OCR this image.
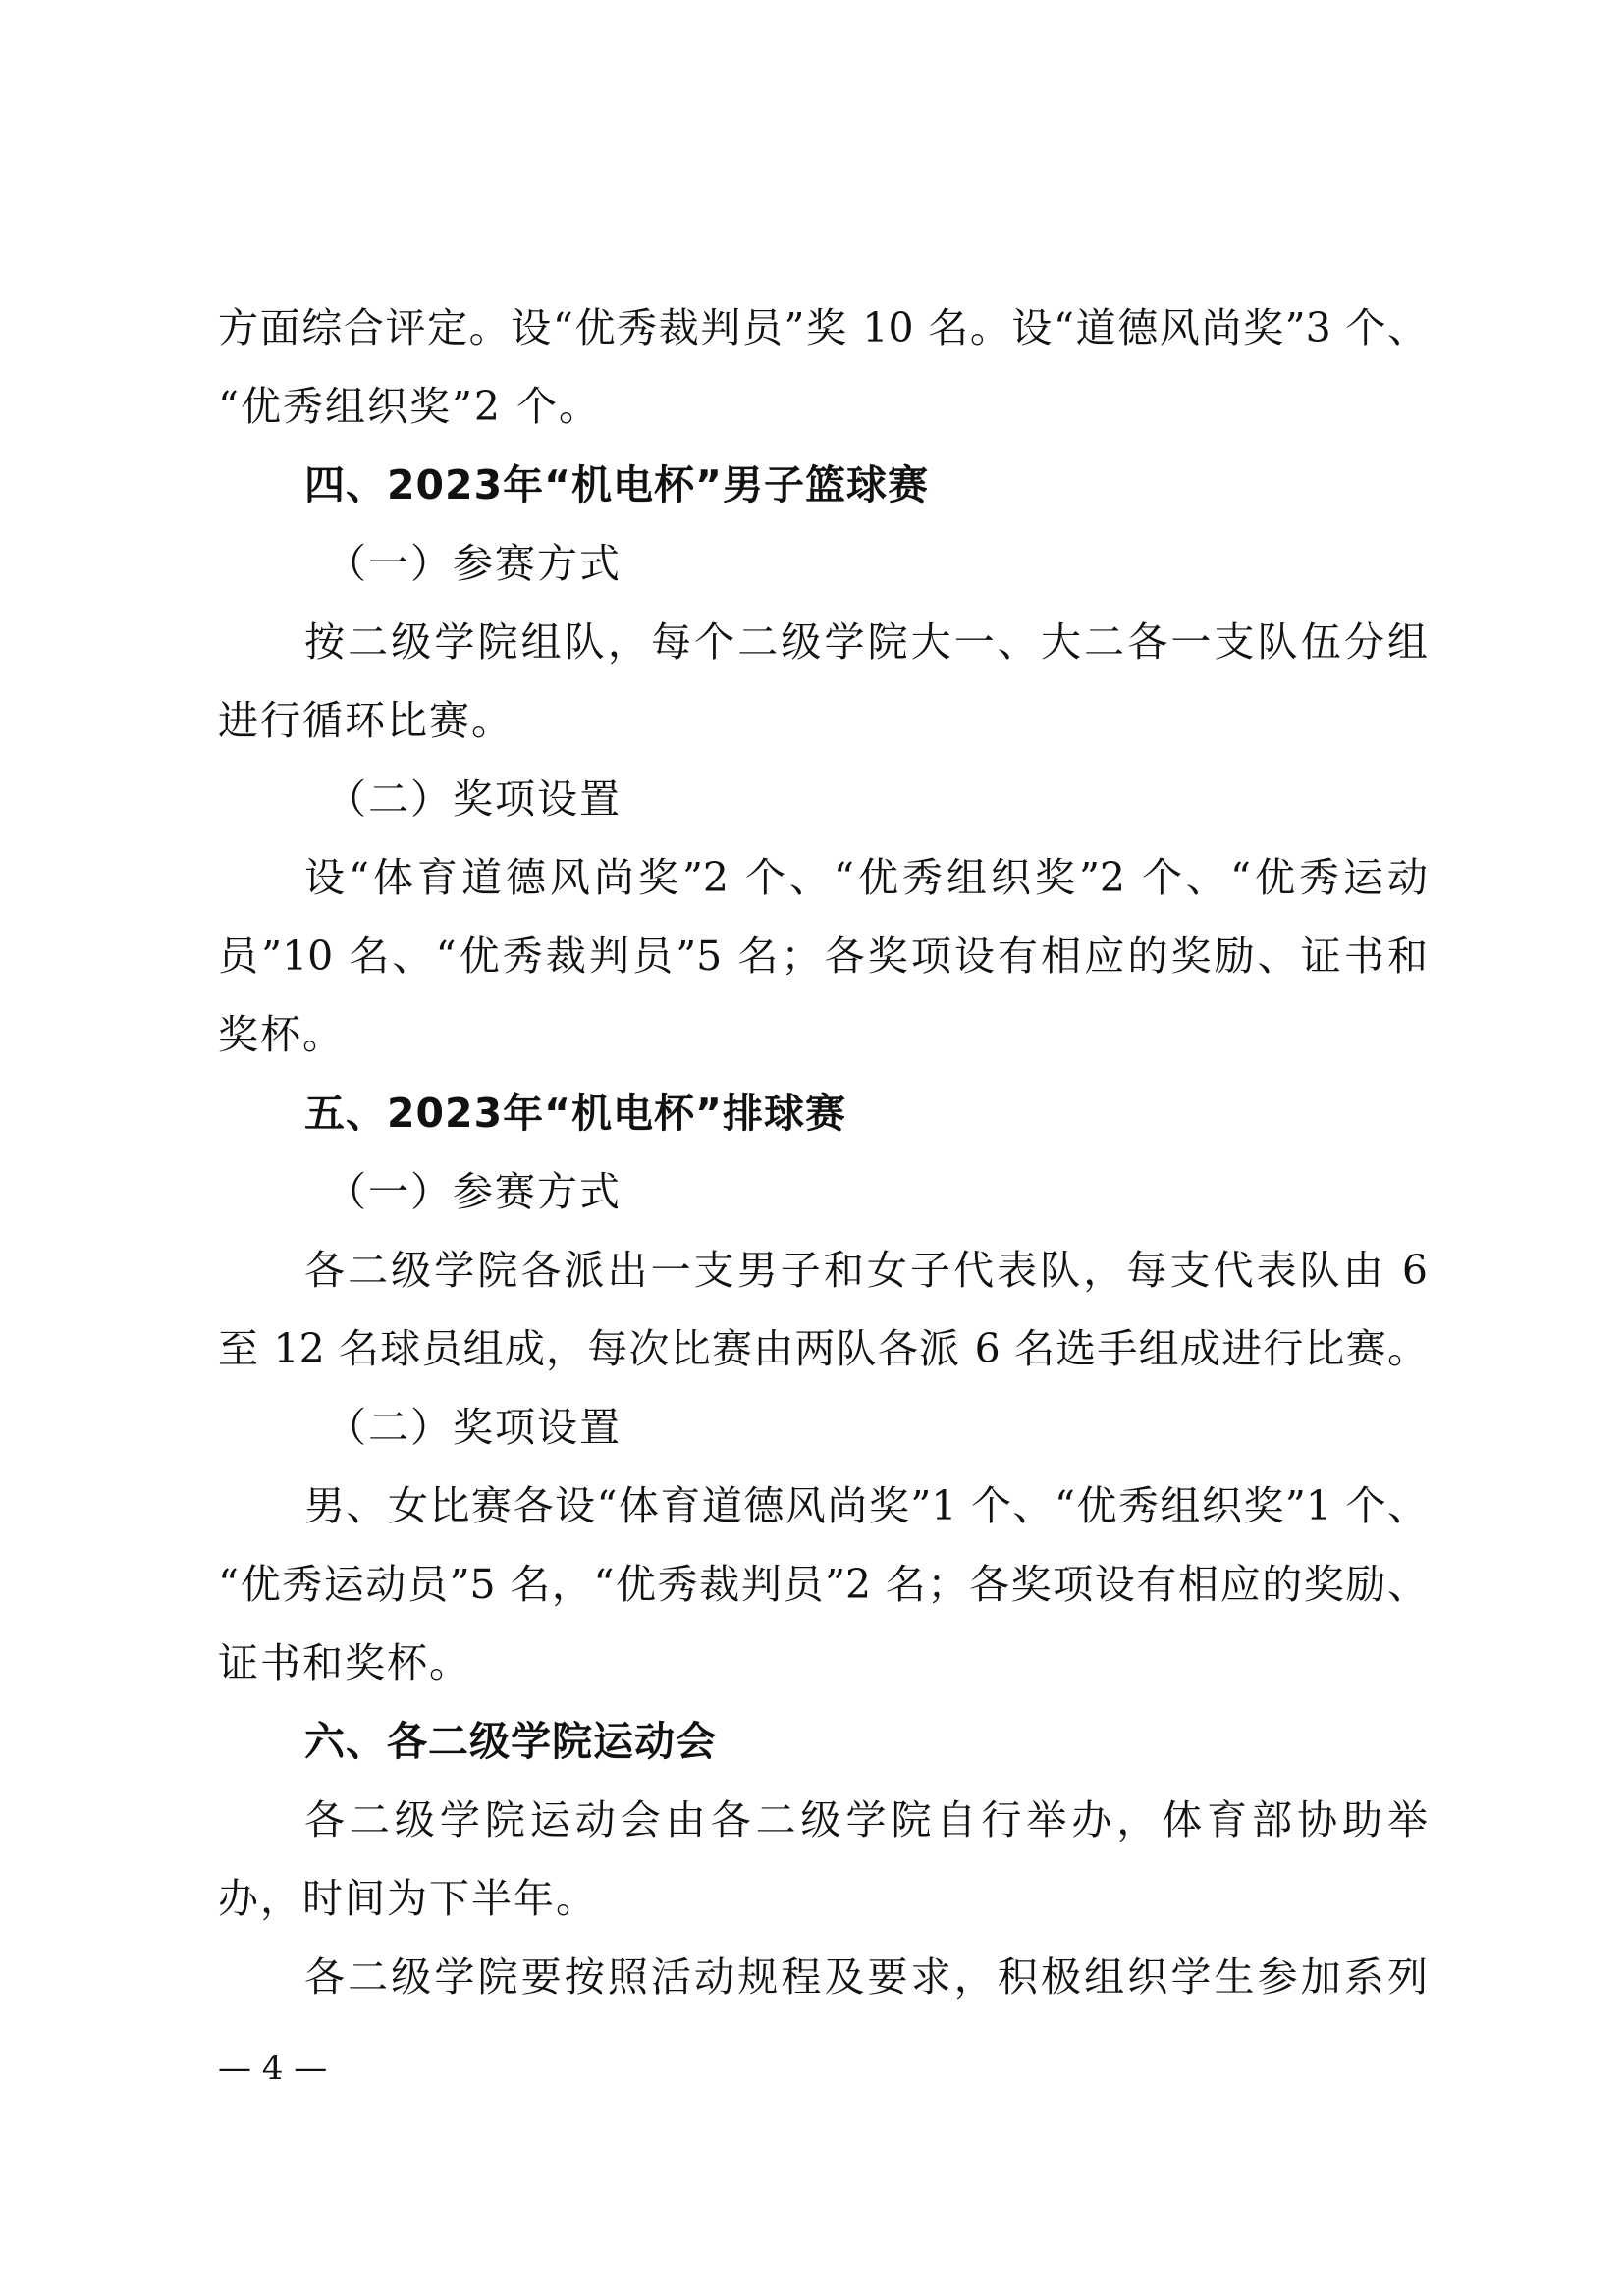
方面综合评定。设“优秀裁判员”奖 10 名。设“道德风尚奖”3 个、
“优秀组织奖”2 个。
四、2023年“机电杯”男子篮球赛
（一）参赛方式
按二级学院组队，每个二级学院大一、大二各一支队伍分组
进行循环比赛。
（二）奖项设置
设“体育道德风尚奖”2 个、“优秀组织奖”2 个、“优秀运动
员”10 名、“优秀裁判员”5 名；各奖项设有相应的奖励、证书和
奖杯。
五、2023年“机电杯”排球赛
（一）参赛方式
各二级学院各派出一支男子和女子代表队，每支代表队由 6
至 12 名球员组成，每次比赛由两队各派 6 名选手组成进行比赛。
（二）奖项设置
男、女比赛各设“体育道德风尚奖”1 个、“优秀组织奖”1 个、
“优秀运动员”5 名，“优秀裁判员”2 名；各奖项设有相应的奖励、
证书和奖杯。
六、各二级学院运动会
各二级学院运动会由各二级学院自行举办，体育部协助举
办，时间为下半年。
各二级学院要按照活动规程及要求，积极组织学生参加系列
— 4 —
